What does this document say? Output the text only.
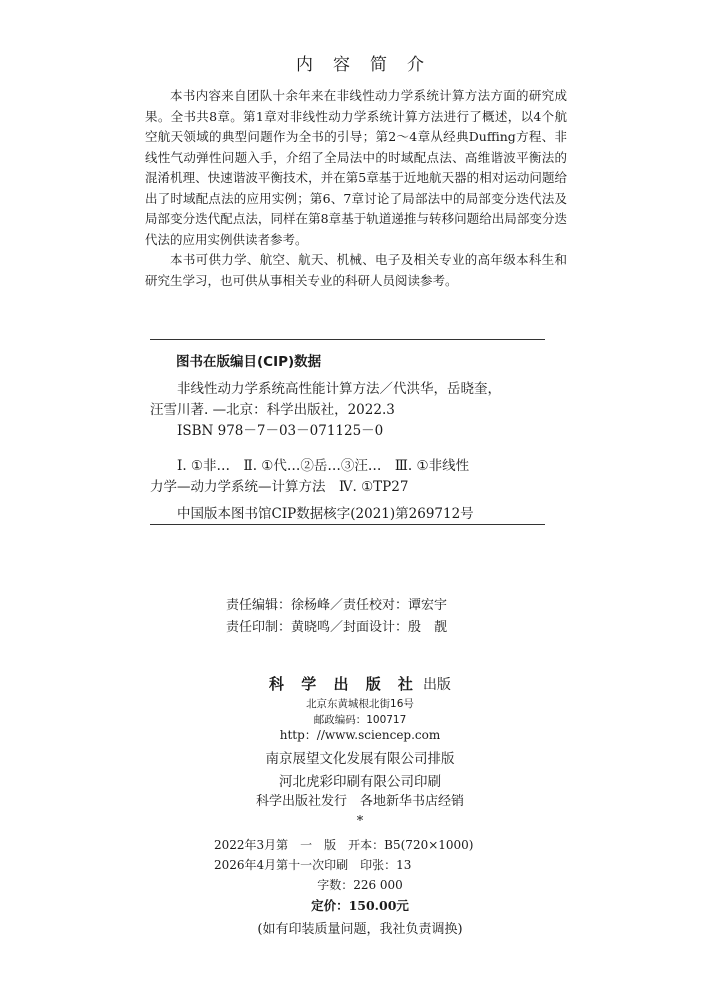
内容简介

本书内容来自团队十余年来在非线性动力学系统计算方法方面的研究成果。全书共8章。第1章对非线性动力学系统计算方法进行了概述，以4个航空航天领域的典型问题作为全书的引导；第2～4章从经典Duffing方程、非线性气动弹性问题入手，介绍了全局法中的时域配点法、高维谐波平衡法的混淆机理、快速谐波平衡技术，并在第5章基于近地航天器的相对运动问题给出了时域配点法的应用实例；第6、7章讨论了局部法中的局部变分迭代法及局部变分迭代配点法，同样在第8章基于轨道递推与转移问题给出局部变分迭代法的应用实例供读者参考。

本书可供力学、航空、航天、机械、电子及相关专业的高年级本科生和研究生学习，也可供从事相关专业的科研人员阅读参考。

图书在版编目(CIP)数据
非线性动力学系统高性能计算方法／代洪华，岳晓奎，
汪雪川著. —北京：科学出版社，2022.3
ISBN 978－7－03－071125－0
Ⅰ. ①非…　Ⅱ. ①代…②岳…③汪…　Ⅲ. ①非线性
力学—动力学系统—计算方法　Ⅳ. ①TP27
中国版本图书馆CIP数据核字(2021)第269712号
责任编辑：徐杨峰／责任校对：谭宏宇
责任印制：黄晓鸣／封面设计：殷　靓
科 学 出 版 社 出版
北京东黄城根北街16号
邮政编码：100717
http：//www.sciencep.com
南京展望文化发展有限公司排版
河北虎彩印刷有限公司印刷
科学出版社发行　各地新华书店经销
*
2022年3月第　一　版　开本：B5(720×1000)
2026年4月第十一次印刷　印张：13
字数：226 000
定价：150.00元
(如有印装质量问题，我社负责调换)
